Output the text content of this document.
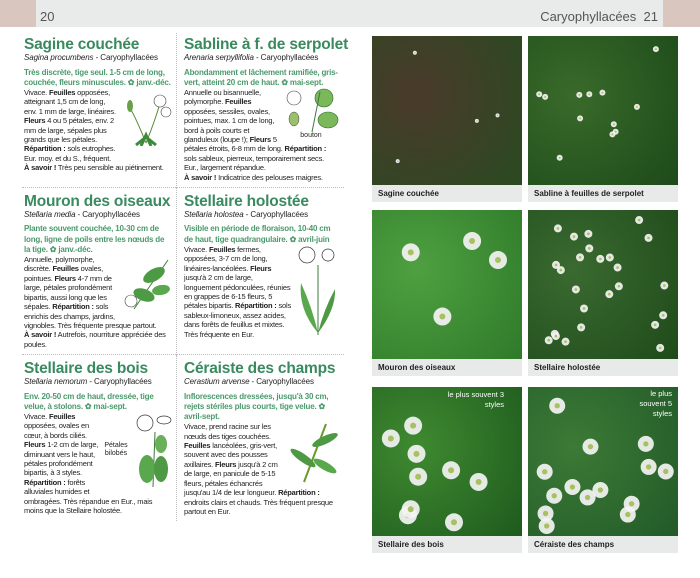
20	Caryophyllacées 21
Sagine couchée
Sagina procumbens - Caryophyllacées
Très discrète, tige seul. 1-5 cm de long, couchée, fleurs minuscules. ✿ janv.-déc.
Vivace. Feuilles opposées, atteignant 1,5 cm de long, env. 1 mm de large, linéaires. Fleurs 4 ou 5 pétales, env. 2 mm de large, sépales plus grands que les pétales. Répartition : sols eutrophes. Eur. moy. et du S., fréquent.
À savoir ! Très peu sensible au piétinement.
Sabline à f. de serpolet
Arenaria serpyllifolia - Caryophyllacées
Abondamment et lâchement ramifiée, gris-vert, atteint 20 cm de haut. ✿ mai-sept.
bouton
Annuelle ou bisannuelle, polymorphe. Feuilles opposées, sessiles, ovales, pointues, max. 1 cm de long, bord à poils courts et glanduleux (loupe !); Fleurs 5 pétales étroits, 6-8 mm de long. Répartition : sols sableux, pierreux, temporairement secs. Eur., largement répandue.
À savoir ! Indicatrice des pelouses maigres.
Mouron des oiseaux
Stellaria media - Caryophyllacées
Plante souvent couchée, 10-30 cm de long, ligne de poils entre les nœuds de la tige. ✿ janv.-déc.
Annuelle, polymorphe, discrète. Feuilles ovales, pointues. Fleurs 4-7 mm de large, pétales profondément bipartis, aussi long que les sépales. Répartition : sols enrichis des champs, jardins, vignobles. Très fréquente presque partout.
À savoir ! Autrefois, nourriture appréciée des poules.
Stellaire holostée
Stellaria holostea - Caryophyllacées
Visible en période de floraison, 10-40 cm de haut, tige quadrangulaire. ✿ avril-juin
Vivace. Feuilles fermes, opposées, 3-7 cm de long, linéaires-lancéolées. Fleurs jusqu'à 2 cm de large, longuement pédonculées, réunies en grappes de 6-15 fleurs, 5 pétales bipartis. Répartition : sols sableux-limoneux, assez acides, dans forêts de feuillus et mixtes. Très fréquente en Eur.
Stellaire des bois
Stellaria nemorum - Caryophyllacées
Env. 20-50 cm de haut, dressée, tige velue, à stolons. ✿ mai-sept.
Pétales bilobés
Vivace. Feuilles opposées, ovales en cœur, à bords ciliés. Fleurs 1-2 cm de large, diminuant vers le haut, pétales profondément bipartis, à 3 styles. Répartition : forêts alluviales humides et ombragées. Très répandue en Eur., mais moins que la Stellaire holostée.
Céraiste des champs
Cerastium arvense - Caryophyllacées
Inflorescences dressées, jusqu'à 30 cm, rejets stériles plus courts, tige velue. ✿ avril-sept.
Vivace, prend racine sur les nœuds des tiges couchées. Feuilles lancéolées, gris-vert, souvent avec des pousses axillaires. Fleurs jusqu'à 2 cm de large, en panicule de 5-15 fleurs, pétales échancrés jusqu'au 1/4 de leur longueur. Répartition : endroits clairs et chauds. Très fréquent presque partout en Eur.
Sagine couchée	Sabline à feuilles de serpolet
Mouron des oiseaux	Stellaire holostée
le plus souvent 3 styles
Stellaire des bois
le plus souvent 5 styles
Céraiste des champs
